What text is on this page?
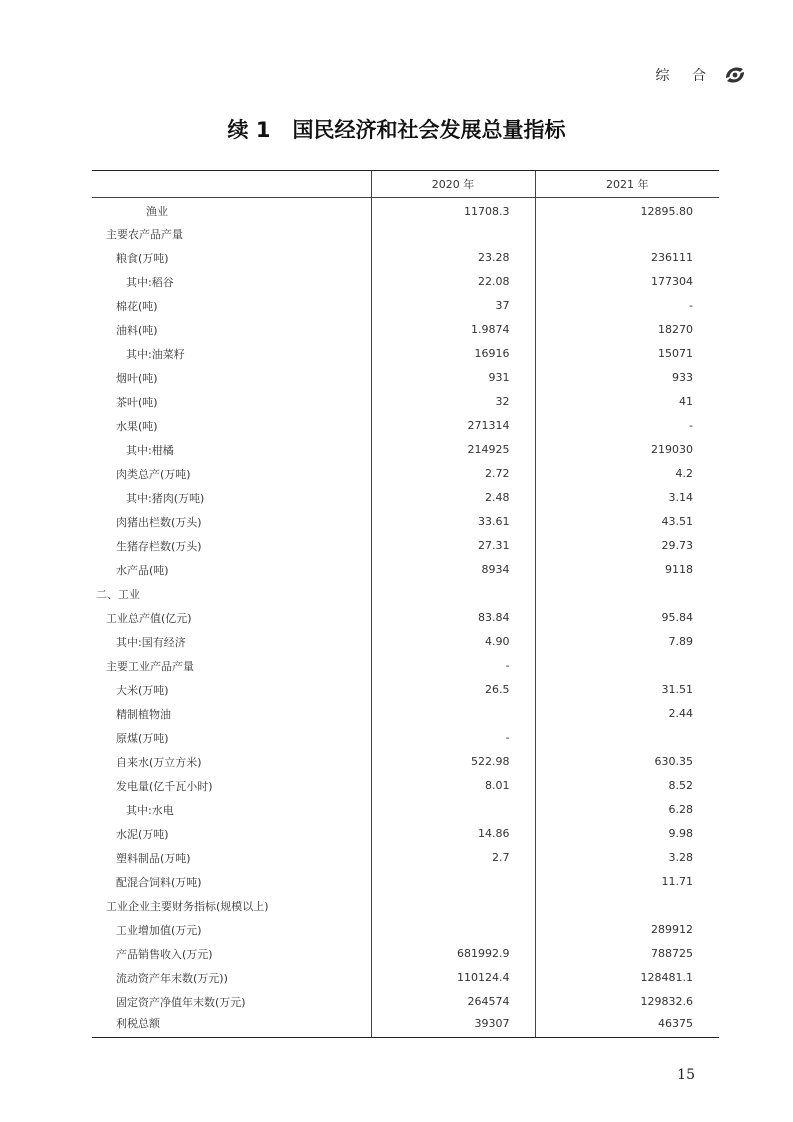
综 合
续 1 国民经济和社会发展总量指标
	2020 年	2021 年
渔业	11708.3	12895.80
主要农产品产量		
粮食(万吨)	23.28	236111
其中:稻谷	22.08	177304
棉花(吨)	37	-
油料(吨)	1.9874	18270
其中:油菜籽	16916	15071
烟叶(吨)	931	933
茶叶(吨)	32	41
水果(吨)	271314	-
其中:柑橘	214925	219030
肉类总产(万吨)	2.72	4.2
其中:猪肉(万吨)	2.48	3.14
肉猪出栏数(万头)	33.61	43.51
生猪存栏数(万头)	27.31	29.73
水产品(吨)	8934	9118
二、工业		
工业总产值(亿元)	83.84	95.84
其中:国有经济	4.90	7.89
主要工业产品产量	-	
大米(万吨)	26.5	31.51
精制植物油		2.44
原煤(万吨)	-	
自来水(万立方米)	522.98	630.35
发电量(亿千瓦小时)	8.01	8.52
其中:水电		6.28
水泥(万吨)	14.86	9.98
塑料制品(万吨)	2.7	3.28
配混合饲料(万吨)		11.71
工业企业主要财务指标(规模以上)		
工业增加值(万元)		289912
产品销售收入(万元)	681992.9	788725
流动资产年末数(万元))	110124.4	128481.1
固定资产净值年末数(万元)	264574	129832.6
利税总额	39307	46375
15
